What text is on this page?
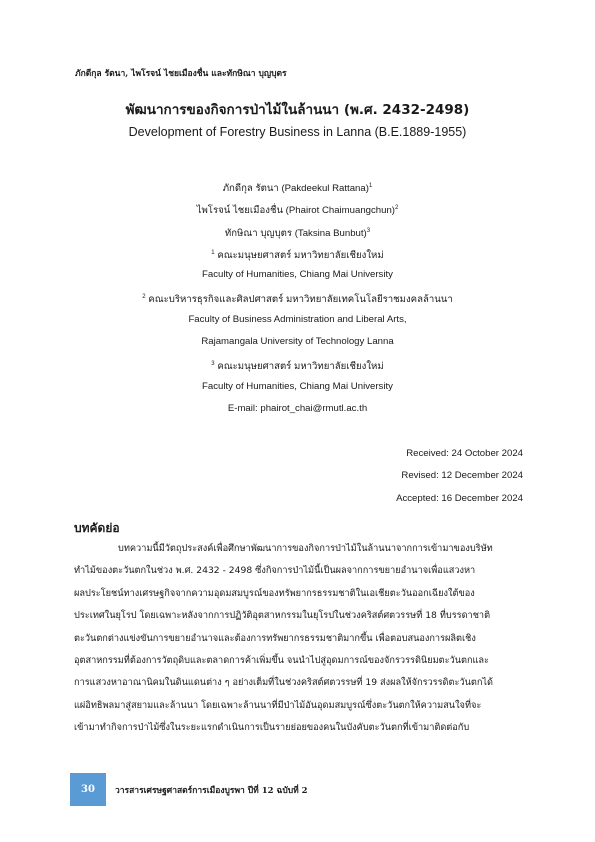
ภักดีกุล รัตนา, ไพโรจน์ ไชยเมืองชื่น และทักษิณา บุญบุตร
พัฒนาการของกิจการป่าไม้ในล้านนา (พ.ศ. 2432-2498)
Development of Forestry Business in Lanna (B.E.1889-1955)
ภักดีกุล รัตนา (Pakdeekul Rattana)$^1$
ไพโรจน์ ไชยเมืองชื่น (Phairot Chaimuangchun)$^2$
ทักษิณา บุญบุตร (Taksina Bunbut)$^3$
$^1$ คณะมนุษยศาสตร์ มหาวิทยาลัยเชียงใหม่
Faculty of Humanities, Chiang Mai University
$^2$ คณะบริหารธุรกิจและศิลปศาสตร์ มหาวิทยาลัยเทคโนโลยีราชมงคลล้านนา
Faculty of Business Administration and Liberal Arts,
Rajamangala University of Technology Lanna
$^3$ คณะมนุษยศาสตร์ มหาวิทยาลัยเชียงใหม่
Faculty of Humanities, Chiang Mai University
E-mail: phairot_chai@rmutl.ac.th
Received: 24 October 2024
Revised: 12 December 2024
Accepted: 16 December 2024
บทคัดย่อ
บทความนี้มีวัตถุประสงค์เพื่อศึกษาพัฒนาการของกิจการป่าไม้ในล้านนาจากการเข้ามาของบริษัท
ทำไม้ของตะวันตกในช่วง พ.ศ. 2432 - 2498 ซึ่งกิจการป่าไม้นี้เป็นผลจากการขยายอำนาจเพื่อแสวงหา
ผลประโยชน์ทางเศรษฐกิจจากความอุดมสมบูรณ์ของทรัพยากรธรรมชาติในเอเชียตะวันออกเฉียงใต้ของ
ประเทศในยุโรป โดยเฉพาะหลังจากการปฏิวัติอุตสาหกรรมในยุโรปในช่วงคริสต์ศตวรรษที่ 18 ที่บรรดาชาติ
ตะวันตกต่างแข่งขันการขยายอำนาจและต้องการทรัพยากรธรรมชาติมากขึ้น เพื่อตอบสนองการผลิตเชิง
อุตสาหกรรมที่ต้องการวัตถุดิบและตลาดการค้าเพิ่มขึ้น จนนำไปสู่อุดมการณ์ของจักรวรรดินิยมตะวันตกและ
การแสวงหาอาณานิคมในดินแดนต่าง ๆ อย่างเต็มที่ในช่วงคริสต์ศตวรรษที่ 19 ส่งผลให้จักรวรรดิตะวันตกได้
แผ่อิทธิพลมาสู่สยามและล้านนา โดยเฉพาะล้านนาที่มีป่าไม้อันอุดมสมบูรณ์ซึ่งตะวันตกให้ความสนใจที่จะ
เข้ามาทำกิจการป่าไม้ซึ่งในระยะแรกดำเนินการเป็นรายย่อยของคนในบังคับตะวันตกที่เข้ามาติดต่อกับ
30 วารสารเศรษฐศาสตร์การเมืองบูรพา ปีที่ 12 ฉบับที่ 2
